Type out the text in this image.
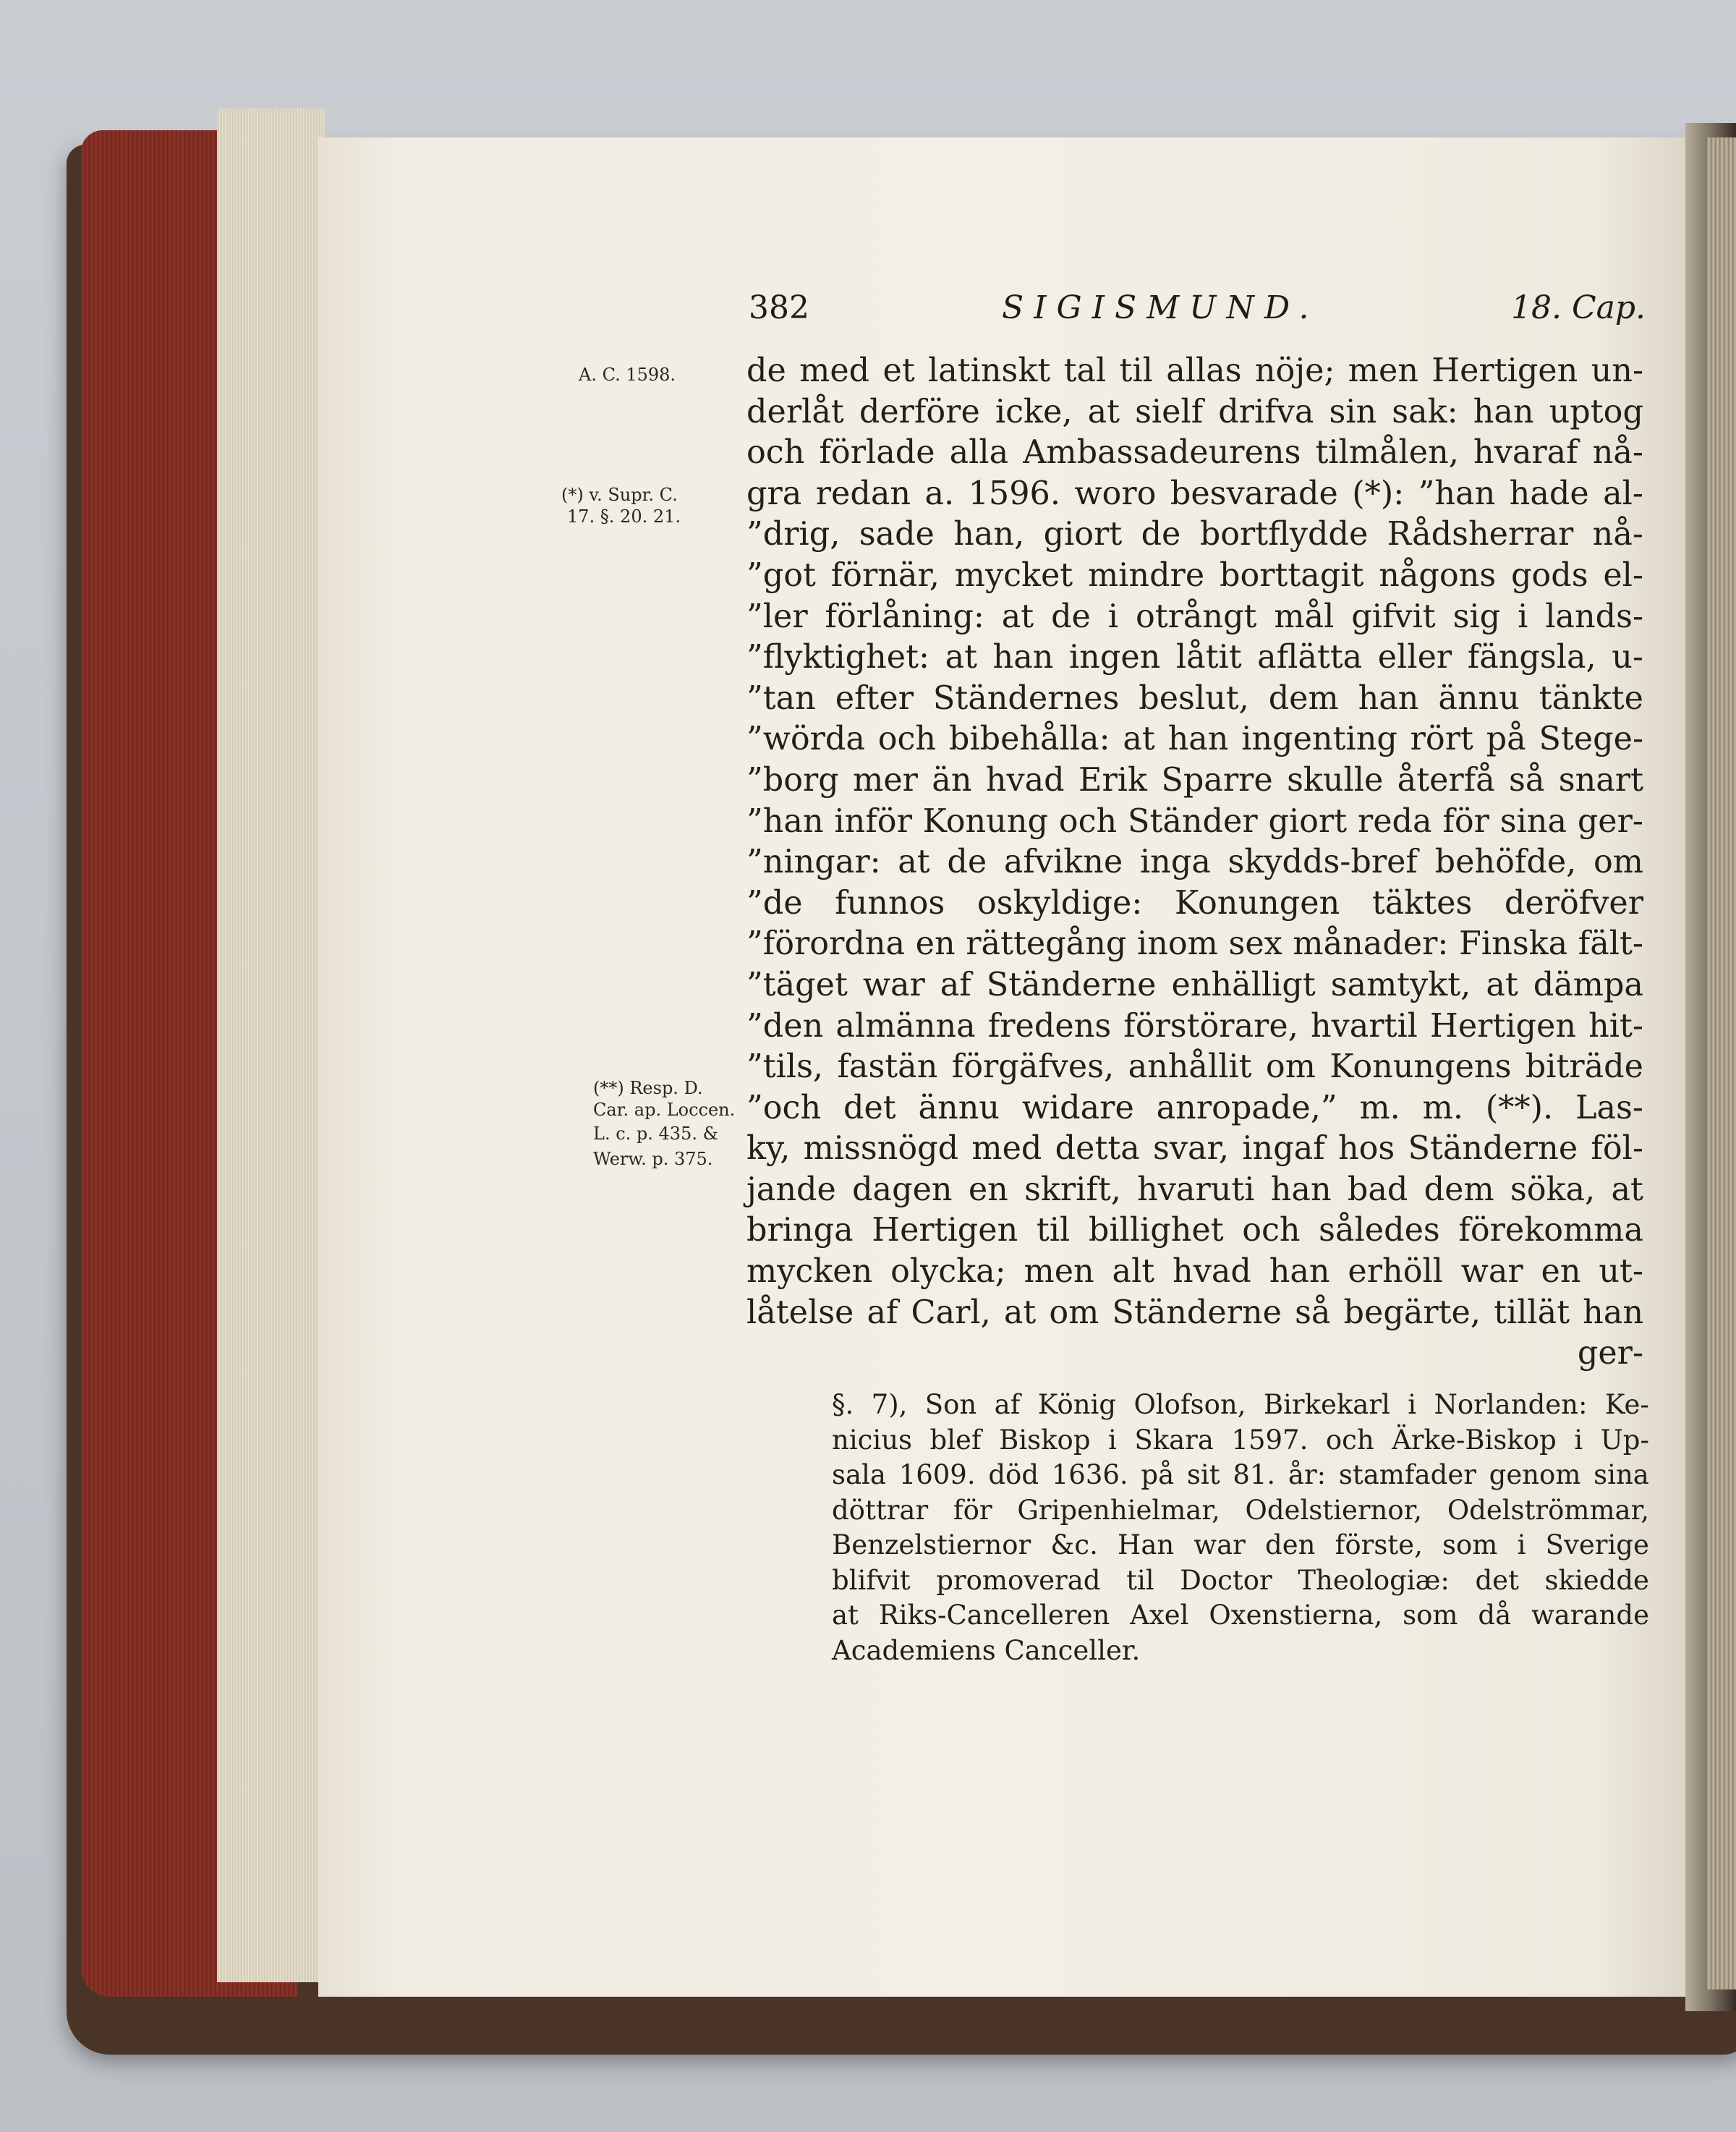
382	SIGISMUND.	18. Cap.
A. C. 1598.
(*) v. Supr. C.
17. §. 20. 21.
(**) Resp. D.
Car. ap. Loccen.
L. c. p. 435. &
Werw. p. 375.
de med et latinskt tal til allas nöje; men Hertigen un-
derlåt derföre icke, at sielf drifva sin sak: han uptog
och förlade alla Ambassadeurens tilmålen, hvaraf nå-
gra redan a. 1596. woro besvarade (*): ”han hade al-
”drig, sade han, giort de bortflydde Rådsherrar nå-
”got förnär, mycket mindre borttagit någons gods el-
”ler förlåning: at de i otrångt mål gifvit sig i lands-
”flyktighet: at han ingen låtit aflätta eller fängsla, u-
”tan efter Ständernes beslut, dem han ännu tänkte
”wörda och bibehålla: at han ingenting rört på Stege-
”borg mer än hvad Erik Sparre skulle återfå så snart
”han inför Konung och Ständer giort reda för sina ger-
”ningar: at de afvikne inga skydds-bref behöfde, om
”de funnos oskyldige: Konungen täktes deröfver
”förordna en rättegång inom sex månader: Finska fält-
”täget war af Ständerne enhälligt samtykt, at dämpa
”den almänna fredens förstörare, hvartil Hertigen hit-
”tils, fastän förgäfves, anhållit om Konungens biträde
”och det ännu widare anropade,” m. m. (**). Las-
ky, missnögd med detta svar, ingaf hos Ständerne föl-
jande dagen en skrift, hvaruti han bad dem söka, at
bringa Hertigen til billighet och således förekomma
mycken olycka; men alt hvad han erhöll war en ut-
låtelse af Carl, at om Ständerne så begärte, tillät han
ger-
§. 7), Son af König Olofson, Birkekarl i Norlanden: Ke-
nicius blef Biskop i Skara 1597. och Ärke-Biskop i Up-
sala 1609. död 1636. på sit 81. år: stamfader genom sina
döttrar för Gripenhielmar, Odelstiernor, Odelströmmar,
Benzelstiernor &c. Han war den förste, som i Sverige
blifvit promoverad til Doctor Theologiæ: det skiedde
at Riks-Cancelleren Axel Oxenstierna, som då warande
Academiens Canceller.
